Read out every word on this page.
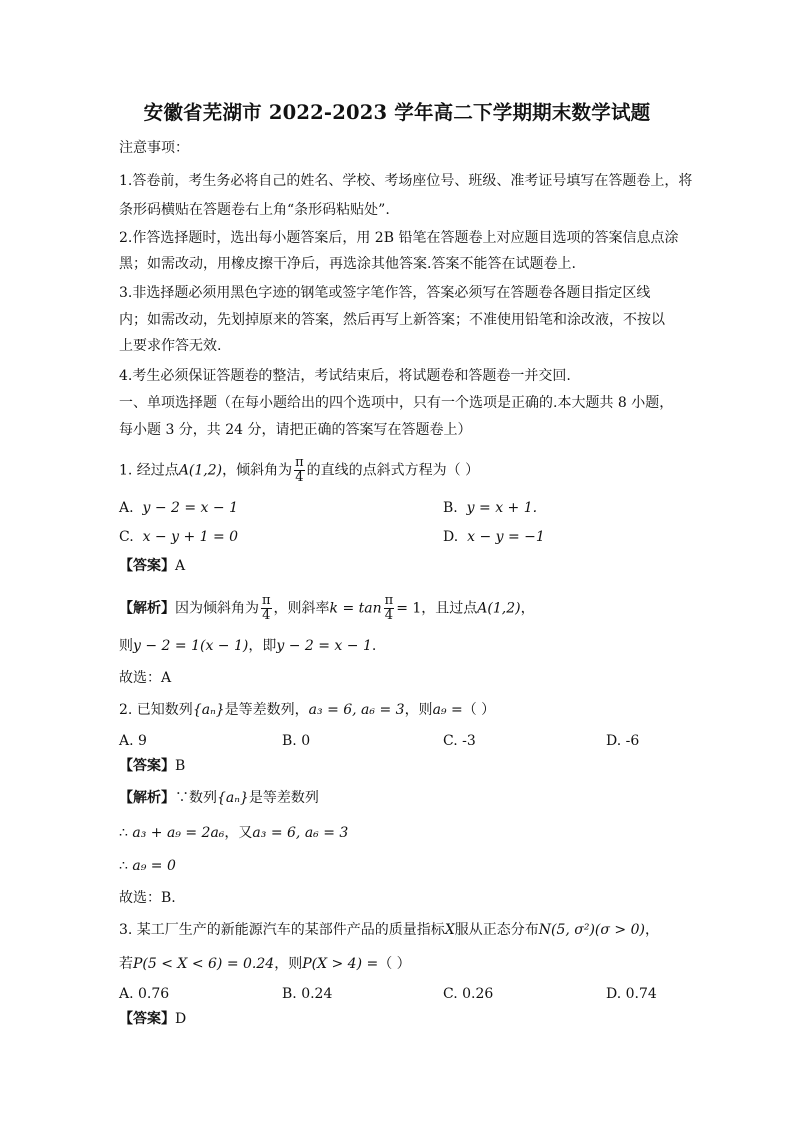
安徽省芜湖市 2022-2023 学年高二下学期期末数学试题
注意事项：
1.答卷前，考生务必将自己的姓名、学校、考场座位号、班级、准考证号填写在答题卷上，将
条形码横贴在答题卷右上角“条形码粘贴处”.
2.作答选择题时，选出每小题答案后，用 2B 铅笔在答题卷上对应题目选项的答案信息点涂
黑；如需改动，用橡皮擦干净后，再选涂其他答案.答案不能答在试题卷上.
3.非选择题必须用黑色字迹的钢笔或签字笔作答，答案必须写在答题卷各题目指定区线
内；如需改动，先划掉原来的答案，然后再写上新答案；不准使用铅笔和涂改液，不按以
上要求作答无效.
4.考生必须保证答题卷的整洁，考试结束后，将试题卷和答题卷一并交回.
一、单项选择题（在每小题给出的四个选项中，只有一个选项是正确的.本大题共 8 小题，
每小题 3 分，共 24 分，请把正确的答案写在答题卷上）
1. 经过点A(1,2)，倾斜角为 $\frac{\pi}{4}$ 的直线的点斜式方程为（ ）
A. y − 2 = x − 1	B. y = x + 1.
C. x − y + 1 = 0	D. x − y = −1
【答案】A
【解析】因为倾斜角为 $\frac{\pi}{4}$ ，则斜率$k = \tan \frac{\pi}{4} = 1$，且过点A(1,2)，
则y − 2 = 1(x − 1)，即y − 2 = x − 1.
故选：A
2. 已知数列{aₙ}是等差数列，a₃ = 6, a₆ = 3，则a₉ =（ ）
A. 9	B. 0	C. -3	D. -6
【答案】B
【解析】∵数列{aₙ}是等差数列
∴ a₃ + a₉ = 2a₆，又a₃ = 6, a₆ = 3
∴ a₉ = 0
故选：B.
3. 某工厂生产的新能源汽车的某部件产品的质量指标X服从正态分布N(5, σ²)(σ > 0)，
若P(5 < X < 6) = 0.24，则P(X > 4) =（ ）
A. 0.76	B. 0.24	C. 0.26	D. 0.74
【答案】D
